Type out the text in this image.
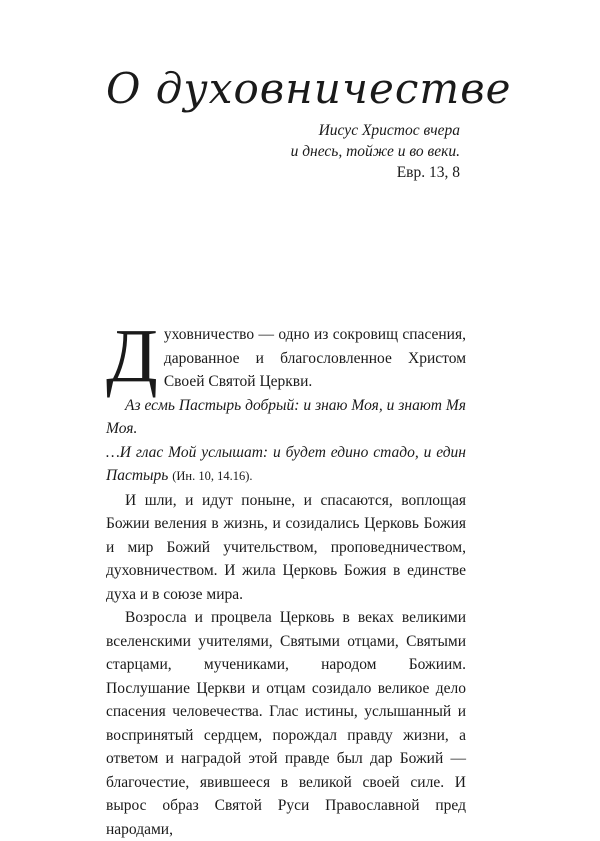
О духовничестве
Иисус Христос вчера
и днесь, тойже и во веки.
Евр. 13, 8

Духовничество — одно из сокровищ спасения, дарованное и благословленное Христом Своей Святой Церкви.

Аз есмь Пастырь добрый: и знаю Моя, и знают Мя Моя.

…И глас Мой услышат: и будет едино стадо, и един Пастырь (Ин. 10, 14.16).

И шли, и идут поныне, и спасаются, воплощая Божии веления в жизнь, и созидались Церковь Божия и мир Божий учительством, проповедничеством, духовничеством. И жила Церковь Божия в единстве духа и в союзе мира.

Возросла и процвела Церковь в веках великими вселенскими учителями, Святыми отцами, Святыми старцами, мучениками, народом Божиим. Послушание Церкви и отцам созидало великое дело спасения человечества. Глас истины, услышанный и воспринятый сердцем, порождал правду жизни, а ответом и наградой этой правде был дар Божий — благочестие, явившееся в великой своей силе. И вырос образ Святой Руси Православной пред народами,
